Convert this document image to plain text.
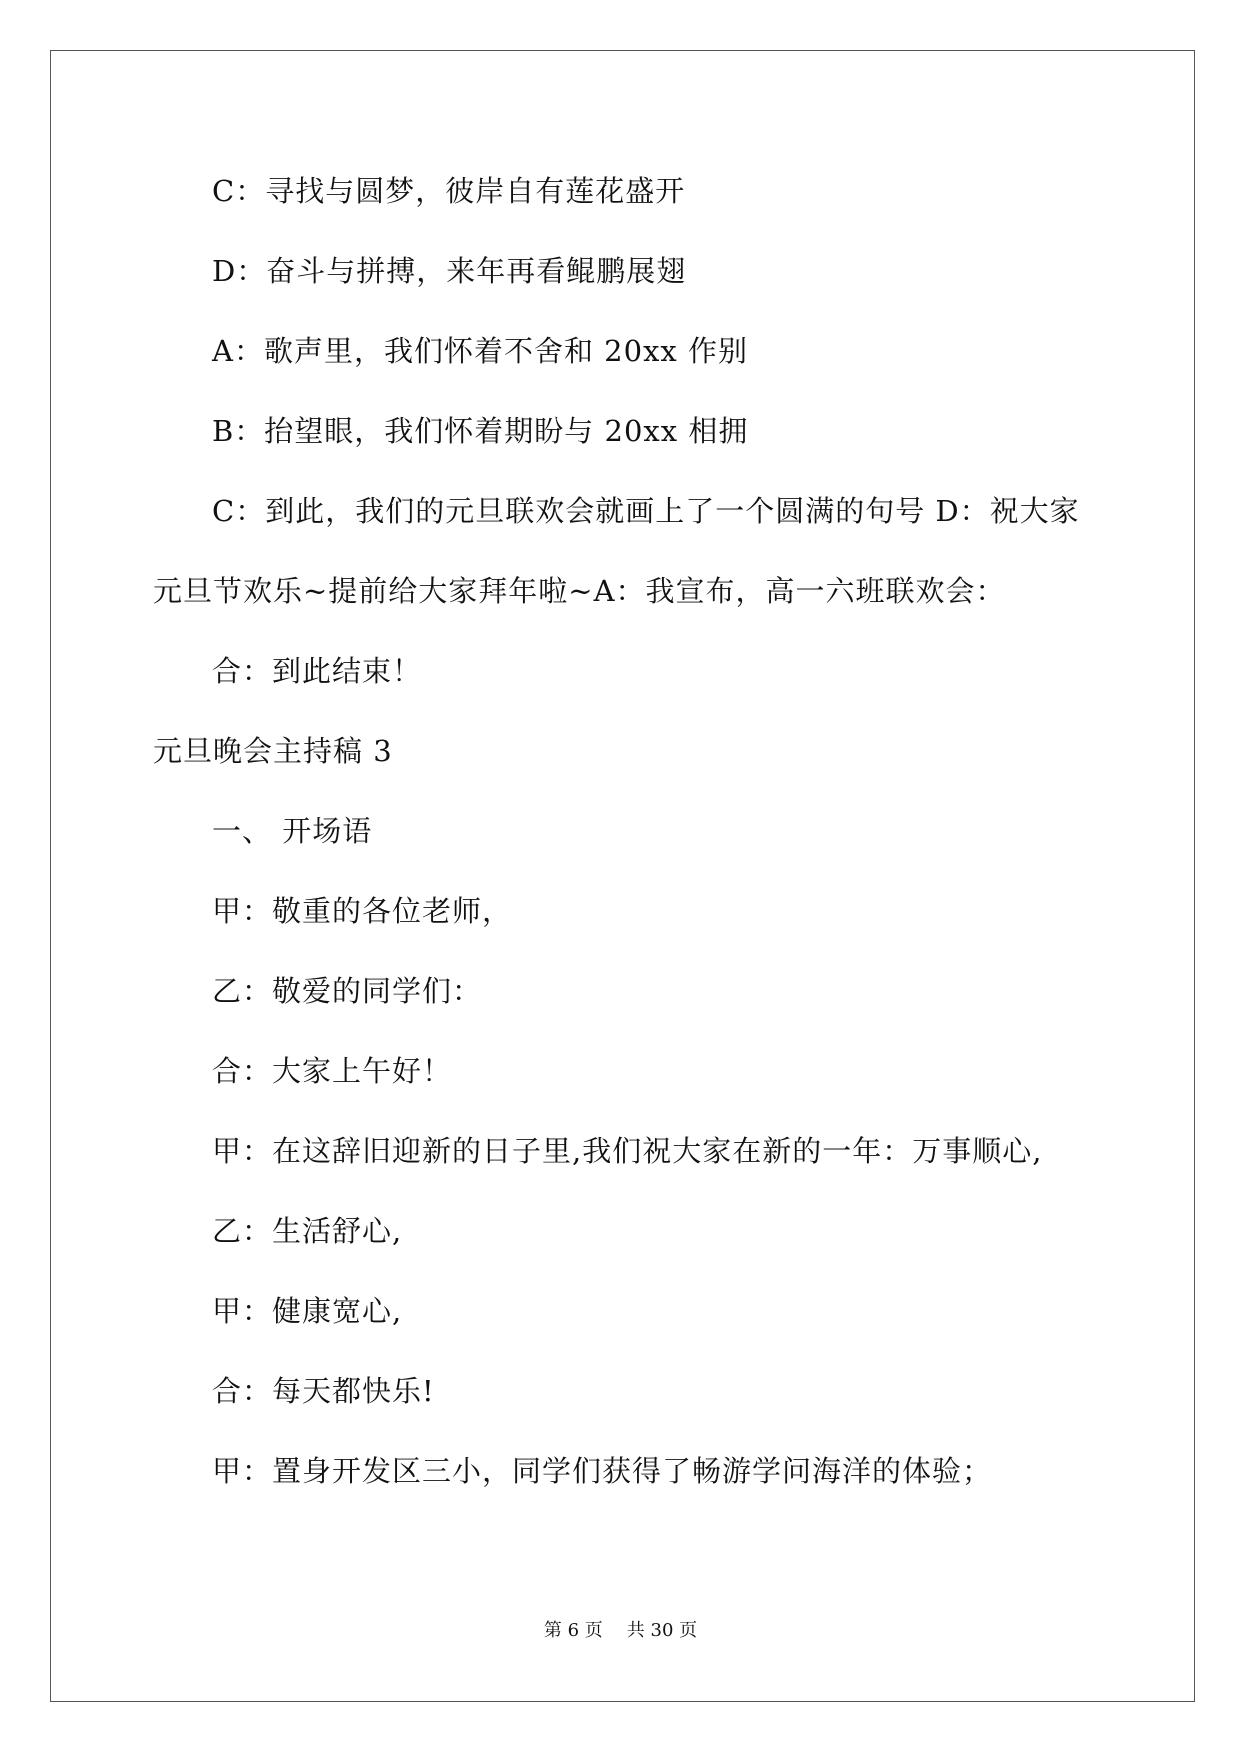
C：寻找与圆梦，彼岸自有莲花盛开
D：奋斗与拼搏，来年再看鲲鹏展翅
A：歌声里，我们怀着不舍和 20xx 作别
B：抬望眼，我们怀着期盼与 20xx 相拥
C：到此，我们的元旦联欢会就画上了一个圆满的句号 D：祝大家
元旦节欢乐~提前给大家拜年啦~A：我宣布，高一六班联欢会：
合：到此结束！
元旦晚会主持稿 3
一、 开场语
甲：敬重的各位老师，
乙：敬爱的同学们：
合：大家上午好！
甲：在这辞旧迎新的日子里,我们祝大家在新的一年：万事顺心,
乙：生活舒心,
甲：健康宽心,
合：每天都快乐!
甲：置身开发区三小，同学们获得了畅游学问海洋的体验；
第 6 页 共 30 页
